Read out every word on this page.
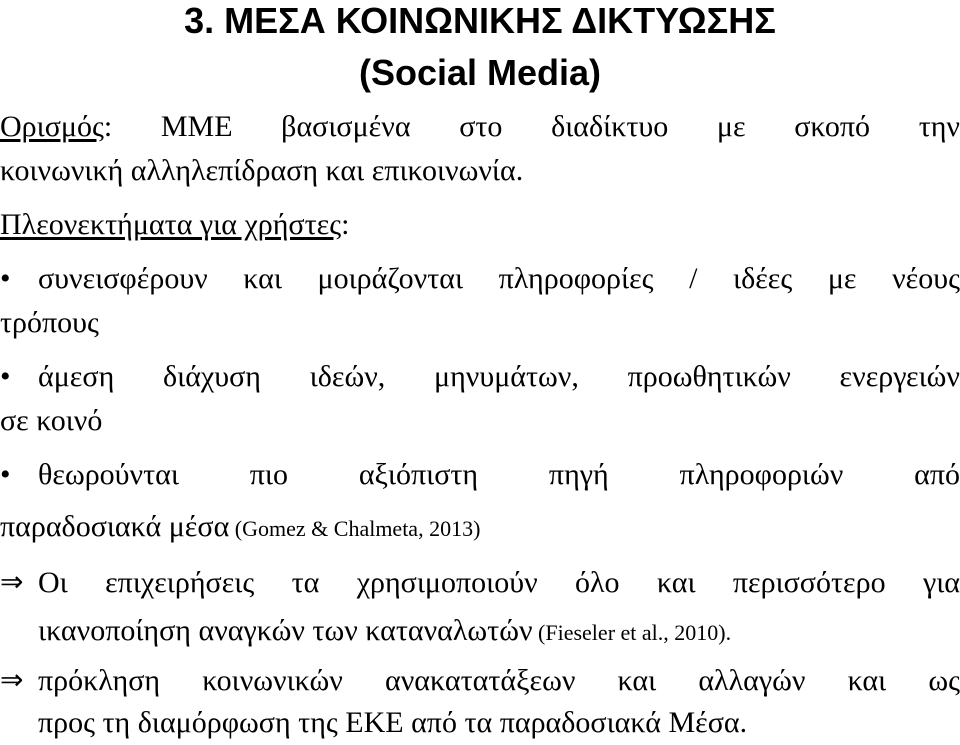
3. ΜΕΣΑ ΚΟΙΝΩΝΙΚΗΣ ΔΙΚΤΥΩΣΗΣ
(Social Media)
Ορισμός: ΜΜΕ βασισμένα στο διαδίκτυο με σκοπό την
κοινωνική αλληλεπίδραση και επικοινωνία.
Πλεονεκτήματα για χρήστες:
• συνεισφέρουν και μοιράζονται πληροφορίες / ιδέες με νέους
τρόπους
• άμεση διάχυση ιδεών, μηνυμάτων, προωθητικών ενεργειών
σε κοινό
• θεωρούνται πιο αξιόπιστη πηγή πληροφοριών από
παραδοσιακά μέσα (Gomez & Chalmeta, 2013)
⇒ Οι επιχειρήσεις τα χρησιμοποιούν όλο και περισσότερο για
ικανοποίηση αναγκών των καταναλωτών (Fieseler et al., 2010).
⇒ πρόκληση κοινωνικών ανακατατάξεων και αλλαγών και ως
προς τη διαμόρφωση της ΕΚΕ από τα παραδοσιακά Μέσα.
